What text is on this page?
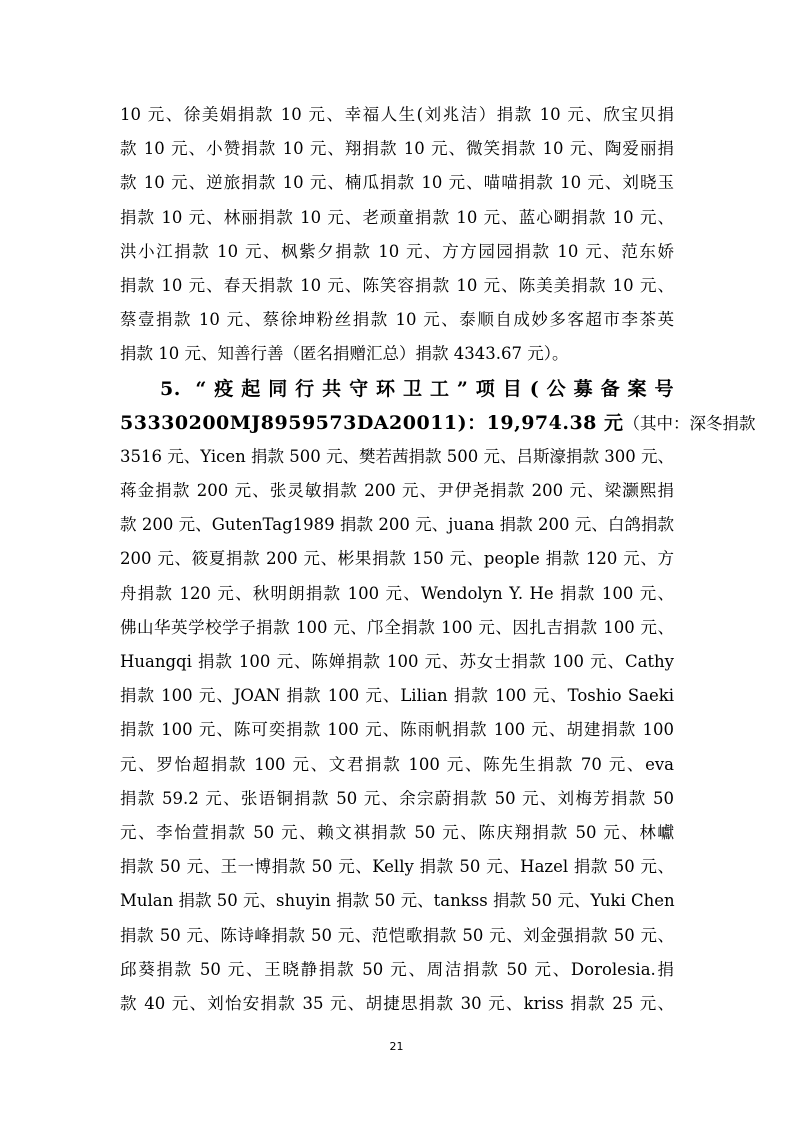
10 元、徐美娟捐款 10 元、幸福人生(刘兆洁）捐款 10 元、欣宝贝捐
款 10 元、小赞捐款 10 元、翔捐款 10 元、微笑捐款 10 元、陶爱丽捐
款 10 元、逆旅捐款 10 元、楠瓜捐款 10 元、喵喵捐款 10 元、刘晓玉
捐款 10 元、林丽捐款 10 元、老顽童捐款 10 元、蓝心朙捐款 10 元、
洪小江捐款 10 元、枫紫夕捐款 10 元、方方园园捐款 10 元、范东娇
捐款 10 元、春天捐款 10 元、陈笑容捐款 10 元、陈美美捐款 10 元、
蔡壹捐款 10 元、蔡徐坤粉丝捐款 10 元、泰顺自成妙多客超市李茶英
捐款 10 元、知善行善（匿名捐赠汇总）捐款 4343.67 元）。
5. “疫起同行共守环卫工”项目(公募备案号
53330200MJ8959573DA20011)：19,974.38 元（其中：深冬捐款
3516 元、Yicen 捐款 500 元、樊若茜捐款 500 元、吕斯濠捐款 300 元、
蒋金捐款 200 元、张灵敏捐款 200 元、尹伊尧捐款 200 元、梁灏熙捐
款 200 元、GutenTag1989 捐款 200 元、juana 捐款 200 元、白鸽捐款
200 元、筱夏捐款 200 元、彬果捐款 150 元、people 捐款 120 元、方
舟捐款 120 元、秋明朗捐款 100 元、Wendolyn Y. He 捐款 100 元、
佛山华英学校学子捐款 100 元、邝全捐款 100 元、因扎吉捐款 100 元、
Huangqi 捐款 100 元、陈婵捐款 100 元、苏女士捐款 100 元、Cathy
捐款 100 元、JOAN 捐款 100 元、Lilian 捐款 100 元、Toshio Saeki
捐款 100 元、陈可奕捐款 100 元、陈雨帆捐款 100 元、胡建捐款 100
元、罗怡超捐款 100 元、文君捐款 100 元、陈先生捐款 70 元、eva
捐款 59.2 元、张语铜捐款 50 元、余宗蔚捐款 50 元、刘梅芳捐款 50
元、李怡萱捐款 50 元、赖文祺捐款 50 元、陈庆翔捐款 50 元、林巘
捐款 50 元、王一博捐款 50 元、Kelly 捐款 50 元、Hazel 捐款 50 元、
Mulan 捐款 50 元、shuyin 捐款 50 元、tankss 捐款 50 元、Yuki Chen
捐款 50 元、陈诗峰捐款 50 元、范恺歌捐款 50 元、刘金强捐款 50 元、
邱葵捐款 50 元、王晓静捐款 50 元、周洁捐款 50 元、Dorolesia.捐
款 40 元、刘怡安捐款 35 元、胡捷思捐款 30 元、kriss 捐款 25 元、
21
